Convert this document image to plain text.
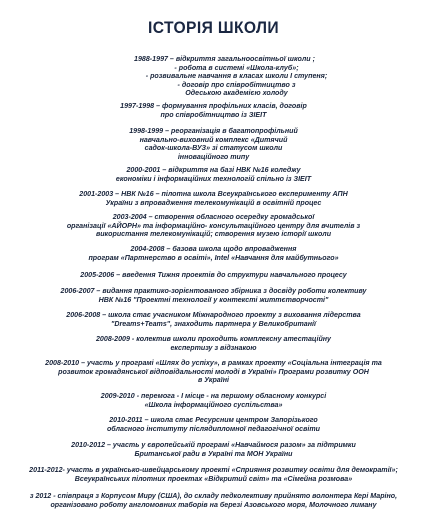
ІСТОРІЯ ШКОЛИ
1988-1997 – відкриття загальноосвітньої школи ;
- робота в системі «Школа-клуб»;
- розвивальне навчання в класах школи І ступеня;
- договір про співробітництво з
Одеською академією холоду
1997-1998 – формування профільних класів, договір
про співробітництво із ЗІЕІТ
1998-1999 – реорганізація в багатопрофільний
навчально-виховний комплекс «Дитячий
садок-школа-ВУЗ» зі статусом школи
інноваційного типу
2000-2001 – відкриття на базі НВК №16 коледжу
економіки і інформаційних технологій спільно із ЗІЕІТ
2001-2003 – НВК №16 – пілотна школа Всеукраїнського експерименту АПН
України з впровадження телекомунікацій в освітній процес
2003-2004 – створення обласного осередку громадської
організації «АЙОРН» та інформаційно- консультаційного центру для вчителів з
використання телекомунікацій; створення музею історії школи
2004-2008 – базова школа щодо впровадження
програм «Партнерство в освіті», Intel «Навчання для майбутнього»
2005-2006 – введення Тижня проектів до структури навчального процесу
2006-2007 – видання практико-зорієнтованого збірника з досвіду роботи колективу
НВК №16 "Проектні технології у контексті життєтворчості"
2006-2008 – школа стає учасником Міжнародного проекту з виховання лідерства
"Dreams+Teams", знаходить партнера у Великобританії
2008-2009 - колектив школи проходить комплексну атестаційну
експертизу з відзнакою
2008-2010 – участь у програмі «Шлях до успіху», в рамках проекту «Соціальна інтеграція та
розвиток громадянської відповідальності молоді в Україні» Програми розвитку ООН
в Україні
2009-2010 - перемога - І місце - на першому обласному конкурсі
«Школа інформаційного суспільства»
2010-2011 – школа стає Ресурсним центром Запорізького
обласного інституту післядипломної педагогічної освіти
2010-2012 – участь у європейській програмі «Навчаймося разом» за підтримки
Британської ради в Україні та МОН України
2011-2012- участь в українсько-швейцарському проекті «Сприяння розвитку освіти для демократії»;
Всеукраїнських пілотних проектах «Відкритий світ» та «Сімейна розмова»
з 2012 - співпраця з Корпусом Миру (США), до складу педколективу прийнято волонтера Кері Маріно,
організовано роботу англомовних таборів на березі Азовського моря, Молочного лиману
